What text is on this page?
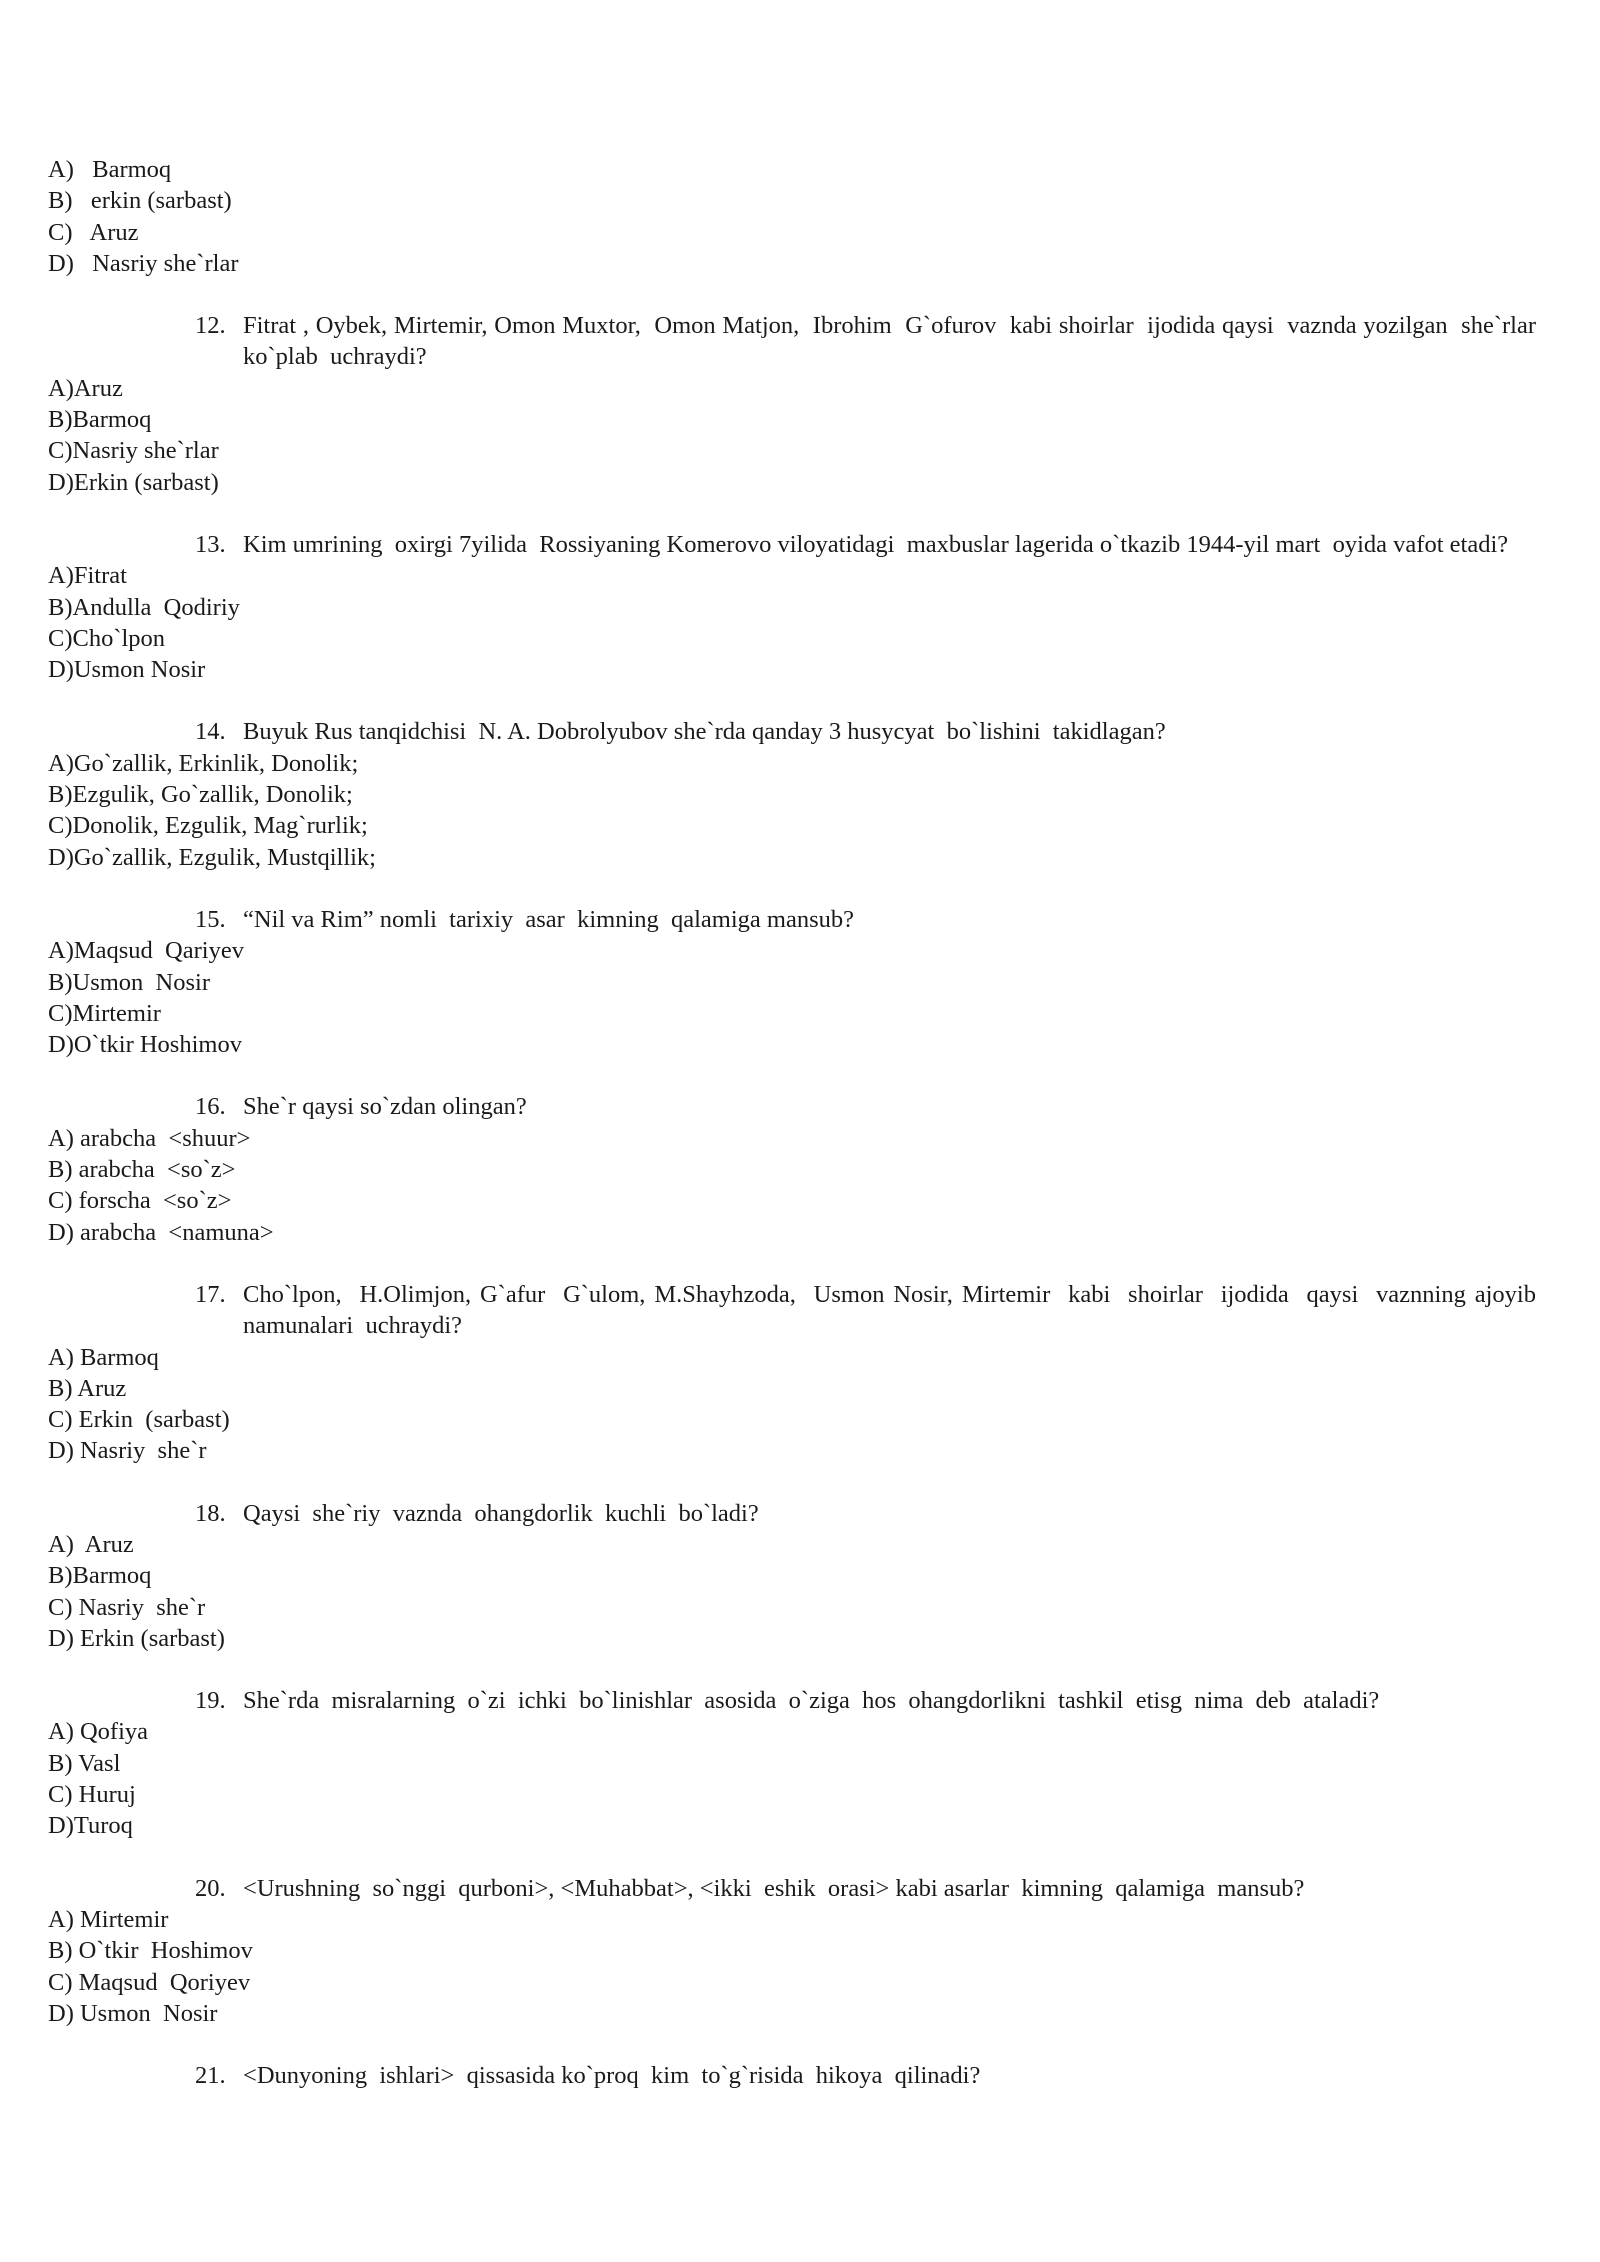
A)   Barmoq
B)   erkin (sarbast)
C)   Aruz
D)   Nasriy she`rlar
12. Fitrat , Oybek, Mirtemir, Omon Muxtor,  Omon Matjon,  Ibrohim  G`ofurov  kabi shoirlar  ijodida qaysi  vaznda yozilgan  she`rlar  ko`plab  uchraydi?
A)Aruz
B)Barmoq
C)Nasriy she`rlar
D)Erkin (sarbast)
13. Kim umrining  oxirgi 7yilida  Rossiyaning Komerovo viloyatidagi  maxbuslar lagerida o`tkazib 1944-yil mart  oyida vafot etadi?
A)Fitrat
B)Andulla  Qodiriy
C)Cho`lpon
D)Usmon Nosir
14. Buyuk Rus tanqidchisi  N. A. Dobrolyubov she`rda qanday 3 husусyat  bo`lishini  takidlagan?
A)Go`zallik, Erkinlik, Donolik;
B)Ezgulik, Go`zallik, Donolik;
C)Donolik, Ezgulik, Mag`rurlik;
D)Go`zallik, Ezgulik, Mustqillik;
15. “Nil va Rim” nomli  tarixiy  asar  kimning  qalamiga mansub?
A)Maqsud  Qariyev
B)Usmon  Nosir
C)Mirtemir
D)O`tkir Hoshimov
16. She`r qaysi so`zdan olingan?
A) arabcha  <shuur>
B) arabcha  <so`z>
C) forscha  <so`z>
D) arabcha  <namuna>
17. Cho`lpon,  H.Olimjon, G`afur  G`ulom, M.Shayhzoda,  Usmon Nosir, Mirtemir  kabi  shoirlar  ijodida  qaysi  vaznning ajoyib  namunalari  uchraydi?
A) Barmoq
B) Aruz
C) Erkin  (sarbast)
D) Nasriy  she`r
18. Qaysi  she`riy  vaznda  ohangdorlik  kuchli  bo`ladi?
A)  Aruz
B)Barmoq
C) Nasriy  she`r
D) Erkin (sarbast)
19. She`rda  misralarning  o`zi  ichki  bo`linishlar  asosida  o`ziga  hos  ohangdorlikni  tashkil  etisg  nima  deb  ataladi?
A) Qofiya
B) Vasl
C) Huruj
D)Turoq
20. <Urushning  so`nggi  qurboni>, <Muhabbat>, <ikki  eshik  orasi> kabi asarlar  kimning  qalamiga  mansub?
A) Mirtemir
B) O`tkir  Hoshimov
C) Maqsud  Qoriyev
D) Usmon  Nosir
21. <Dunyoning  ishlari>  qissasida ko`proq  kim  to`g`risida  hikoya  qilinadi?
